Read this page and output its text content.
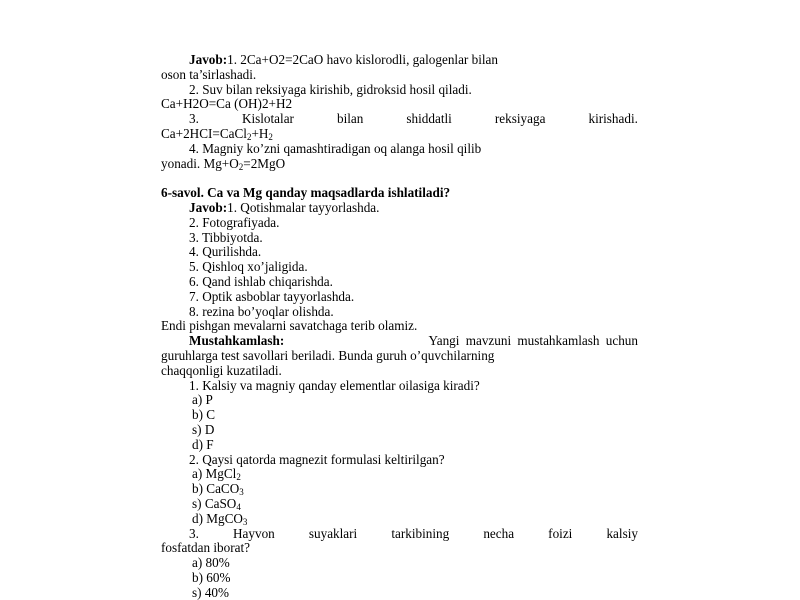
Javob:1. 2Ca+O2=2CaO havo kislorodli, galogenlar bilan
oson ta’sirlashadi.
2. Suv bilan reksiyaga kirishib, gidroksid hosil qiladi.
Ca+H2O=Ca (OH)2+H2
3.	Kislotalar	bilan	shiddatli	reksiyaga	kirishadi.
$Ca+2HCI=CaCl_2+H_2$
4. Magniy ko’zni qamashtiradigan oq alanga hosil qilib
yonadi. $Mg+O_2=2MgO$
6-savol. Ca va Mg qanday maqsadlarda ishlatiladi?
Javob:1. Qotishmalar tayyorlashda.
2. Fotografiyada.
3. Tibbiyotda.
4. Qurilishda.
5. Qishloq xo’jaligida.
6. Qand ishlab chiqarishda.
7. Optik asboblar tayyorlashda.
8. rezina bo’yoqlar olishda.
Endi pishgan mevalarni savatchaga terib olamiz.
Mustahkamlash:	Yangi mavzuni mustahkamlash uchun
guruhlarga test savollari beriladi. Bunda guruh o’quvchilarning
chaqqonligi kuzatiladi.
1. Kalsiy va magniy qanday elementlar oilasiga kiradi?
a) P
b) C
s) D
d) F
2. Qaysi qatorda magnezit formulasi keltirilgan?
a) MgCl$_2$
b) CaCO$_3$
s) CaSO$_4$
d) MgCO$_3$
3.	Hayvon	suyaklari	tarkibining	necha	foizi	kalsiy
fosfatdan iborat?
a) 80%
b) 60%
s) 40%
